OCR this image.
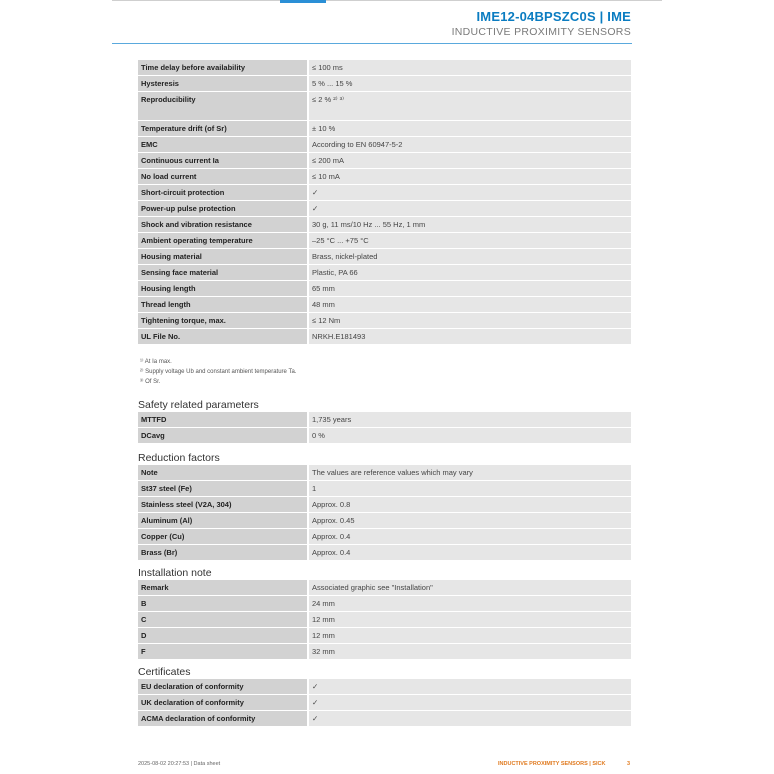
IME12-04BPSZC0S | IME
INDUCTIVE PROXIMITY SENSORS
Time delay before availability	≤ 100 ms
Hysteresis	5 % ... 15 %
Reproducibility	≤ 2 % ²⁾ ³⁾
Temperature drift (of Sr)	± 10 %
EMC	According to EN 60947-5-2
Continuous current Ia	≤ 200 mA
No load current	≤ 10 mA
Short-circuit protection	✓
Power-up pulse protection	✓
Shock and vibration resistance	30 g, 11 ms/10 Hz ... 55 Hz, 1 mm
Ambient operating temperature	–25 °C ... +75 °C
Housing material	Brass, nickel-plated
Sensing face material	Plastic, PA 66
Housing length	65 mm
Thread length	48 mm
Tightening torque, max.	≤ 12 Nm
UL File No.	NRKH.E181493
¹⁾ At Ia max.
²⁾ Supply voltage Ub and constant ambient temperature Ta.
³⁾ Of Sr.
Safety related parameters
MTTFD	1,735 years
DCavg	0 %
Reduction factors
Note	The values are reference values which may vary
St37 steel (Fe)	1
Stainless steel (V2A, 304)	Approx. 0.8
Aluminum (Al)	Approx. 0.45
Copper (Cu)	Approx. 0.4
Brass (Br)	Approx. 0.4
Installation note
Remark	Associated graphic see "Installation"
B	24 mm
C	12 mm
D	12 mm
F	32 mm
Certificates
EU declaration of conformity	✓
UK declaration of conformity	✓
ACMA declaration of conformity	✓
2025-08-02 20:27:53 | Data sheet	INDUCTIVE PROXIMITY SENSORS | SICK	3
